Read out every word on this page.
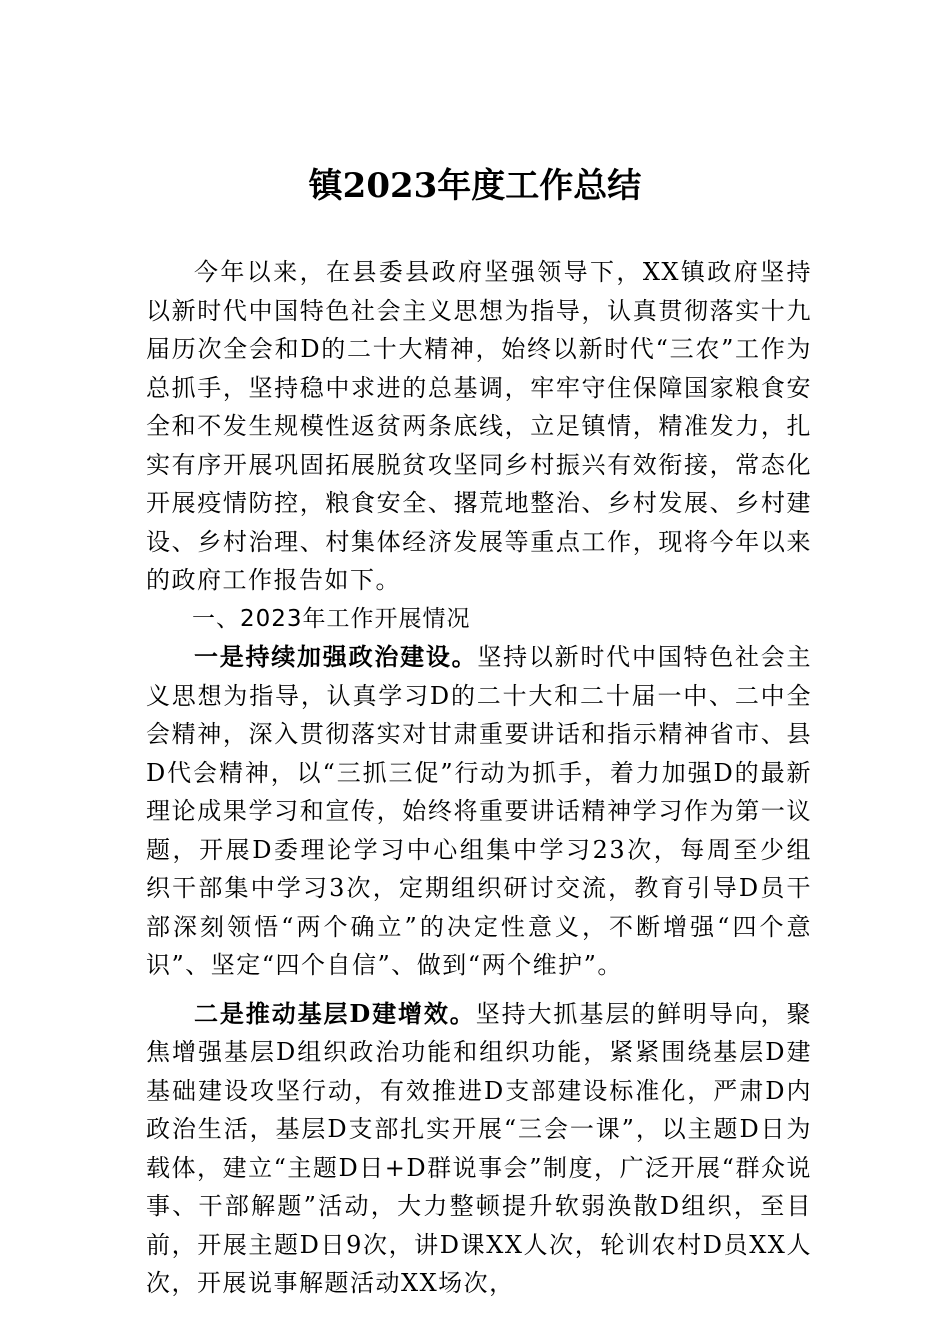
镇2023年度工作总结

今年以来，在县委县政府坚强领导下，XX镇政府坚持以新时代中国特色社会主义思想为指导，认真贯彻落实十九届历次全会和D的二十大精神，始终以新时代“三农”工作为总抓手，坚持稳中求进的总基调，牢牢守住保障国家粮食安全和不发生规模性返贫两条底线，立足镇情，精准发力，扎实有序开展巩固拓展脱贫攻坚同乡村振兴有效衔接，常态化开展疫情防控，粮食安全、撂荒地整治、乡村发展、乡村建设、乡村治理、村集体经济发展等重点工作，现将今年以来的政府工作报告如下。

一、2023年工作开展情况

一是持续加强政治建设。坚持以新时代中国特色社会主义思想为指导，认真学习D的二十大和二十届一中、二中全会精神，深入贯彻落实对甘肃重要讲话和指示精神省市、县D代会精神，以“三抓三促”行动为抓手，着力加强D的最新理论成果学习和宣传，始终将重要讲话精神学习作为第一议题，开展D委理论学习中心组集中学习23次，每周至少组织干部集中学习3次，定期组织研讨交流，教育引导D员干部深刻领悟“两个确立”的决定性意义，不断增强“四个意识”、坚定“四个自信”、做到“两个维护”。

二是推动基层D建增效。坚持大抓基层的鲜明导向，聚焦增强基层D组织政治功能和组织功能，紧紧围绕基层D建基础建设攻坚行动，有效推进D支部建设标准化，严肃D内政治生活，基层D支部扎实开展“三会一课”，以主题D日为载体，建立“主题D日+D群说事会”制度，广泛开展“群众说事、干部解题”活动，大力整顿提升软弱涣散D组织，至目前，开展主题D日9次，讲D课XX人次，轮训农村D员XX人次，开展说事解题活动XX场次，
